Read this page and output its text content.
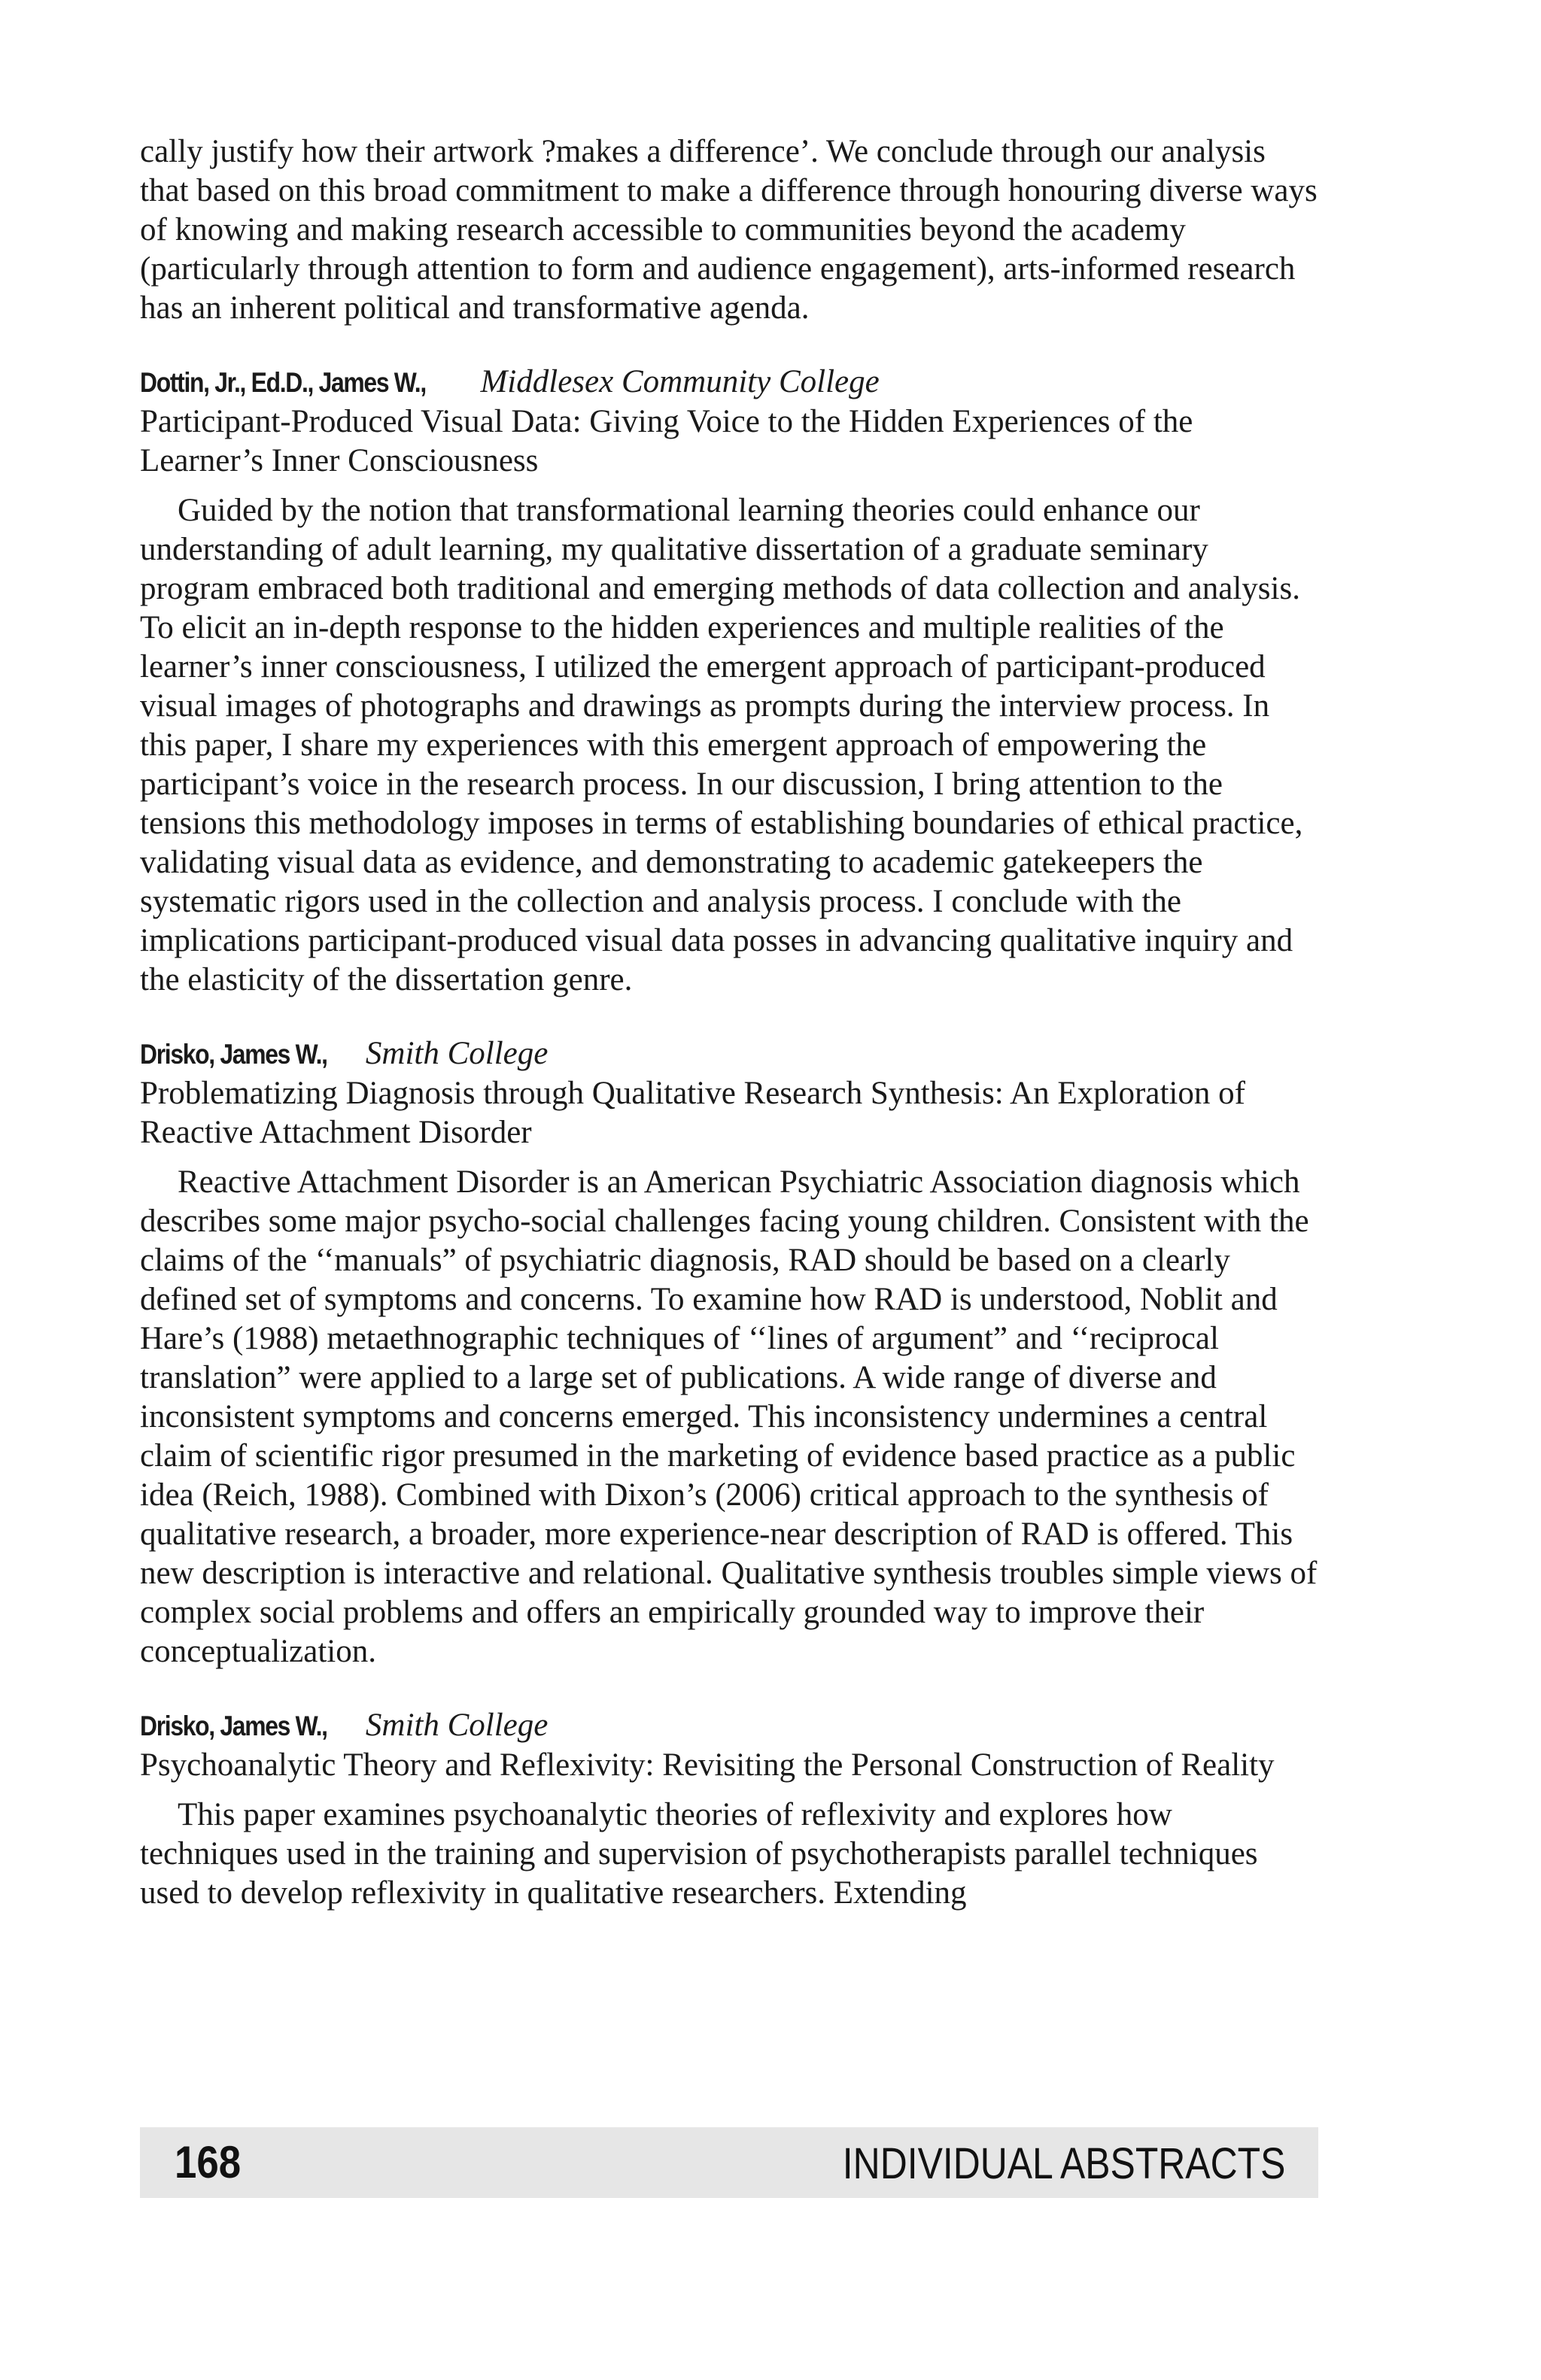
cally justify how their artwork ?makes a difference’. We conclude through our analysis that based on this broad commitment to make a difference through honouring diverse ways of knowing and making research accessible to communities beyond the academy (particularly through attention to form and audience engagement), arts-informed research has an inherent political and transformative agenda.

Dottin, Jr., Ed.D., James W., Middlesex Community College

Participant-Produced Visual Data: Giving Voice to the Hidden Experiences of the Learner’s Inner Consciousness

Guided by the notion that transformational learning theories could enhance our understanding of adult learning, my qualitative dissertation of a graduate seminary program embraced both traditional and emerging methods of data collection and analysis. To elicit an in-depth response to the hidden experiences and multiple realities of the learner’s inner consciousness, I utilized the emergent approach of participant-produced visual images of photographs and drawings as prompts during the interview process. In this paper, I share my experiences with this emergent approach of empowering the participant’s voice in the research process. In our discussion, I bring attention to the tensions this methodology imposes in terms of establishing boundaries of ethical practice, validating visual data as evidence, and demonstrating to academic gatekeepers the systematic rigors used in the collection and analysis process. I conclude with the implications participant-produced visual data posses in advancing qualitative inquiry and the elasticity of the dissertation genre.

Drisko, James W., Smith College

Problematizing Diagnosis through Qualitative Research Synthesis: An Exploration of Reactive Attachment Disorder

Reactive Attachment Disorder is an American Psychiatric Association diagnosis which describes some major psycho-social challenges facing young children. Consistent with the claims of the ‘‘manuals” of psychiatric diagnosis, RAD should be based on a clearly defined set of symptoms and concerns. To examine how RAD is understood, Noblit and Hare’s (1988) metaethnographic techniques of ‘‘lines of argument” and ‘‘reciprocal translation” were applied to a large set of publications. A wide range of diverse and inconsistent symptoms and concerns emerged. This inconsistency undermines a central claim of scientific rigor presumed in the marketing of evidence based practice as a public idea (Reich, 1988). Combined with Dixon’s (2006) critical approach to the synthesis of qualitative research, a broader, more experience-near description of RAD is offered. This new description is interactive and relational. Qualitative synthesis troubles simple views of complex social problems and offers an empirically grounded way to improve their conceptualization.

Drisko, James W., Smith College

Psychoanalytic Theory and Reflexivity: Revisiting the Personal Construction of Reality

This paper examines psychoanalytic theories of reflexivity and explores how techniques used in the training and supervision of psychotherapists parallel techniques used to develop reflexivity in qualitative researchers. Extending

168	INDIVIDUAL ABSTRACTS
